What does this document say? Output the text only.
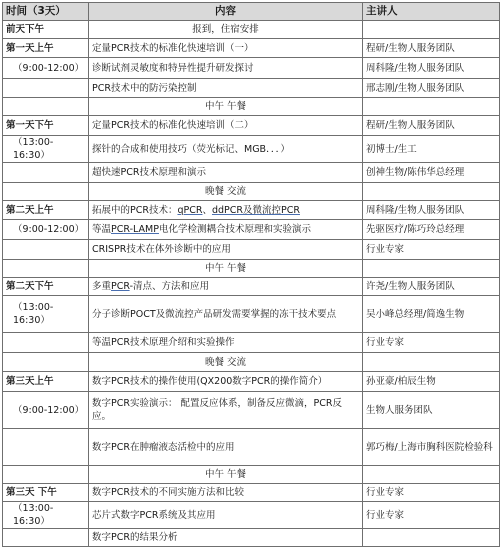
时间（3天）	内容	主讲人
前天下午	报到，住宿安排	
第一天上午	定量PCR技术的标准化快速培训（一）	程研/生物人服务团队
（9:00-12:00）	诊断试剂灵敏度和特异性提升研发探讨	周科隆/生物人服务团队
	PCR技术中的防污染控制	邢志刚/生物人服务团队
	中午 午餐	
第一天下午	定量PCR技术的标准化快速培训（二）	程研/生物人服务团队
（13:00-16:30）	探针的合成和使用技巧（荧光标记、MGB．．．）	初博士/生工
	超快速PCR技术原理和演示	创神生物/陈伟华总经理
	晚餐 交流	
第二天上午	拓展中的PCR技术：qPCR、ddPCR及微流控PCR	周科隆/生物人服务团队
（9:00-12:00）	等温PCR-LAMP电化学检测耦合技术原理和实验演示	先驱医疗/陈巧玲总经理
	CRISPR技术在体外诊断中的应用	行业专家
	中午 午餐	
第二天下午	多重PCR-清点、方法和应用	许尧/生物人服务团队
（13:00-16:30）	分子诊断POCT及微流控产品研发需要掌握的冻干技术要点	吴小峰总经理/简逸生物
	等温PCR技术原理介绍和实验操作	行业专家
	晚餐 交流	
第三天上午	数字PCR技术的操作使用(QX200数字PCR的操作简介）	孙亚豪/柏辰生物
（9:00-12:00）	数字PCR实验演示： 配置反应体系，制备反应微滴，PCR反应。	生物人服务团队
	数字PCR在肿瘤液态活检中的应用	郭巧梅/上海市胸科医院检验科
	中午 午餐	
第三天 下午	数字PCR技术的不同实施方法和比较	行业专家
（13:00-16:30）	芯片式数字PCR系统及其应用	行业专家
	数字PCR的结果分析	
